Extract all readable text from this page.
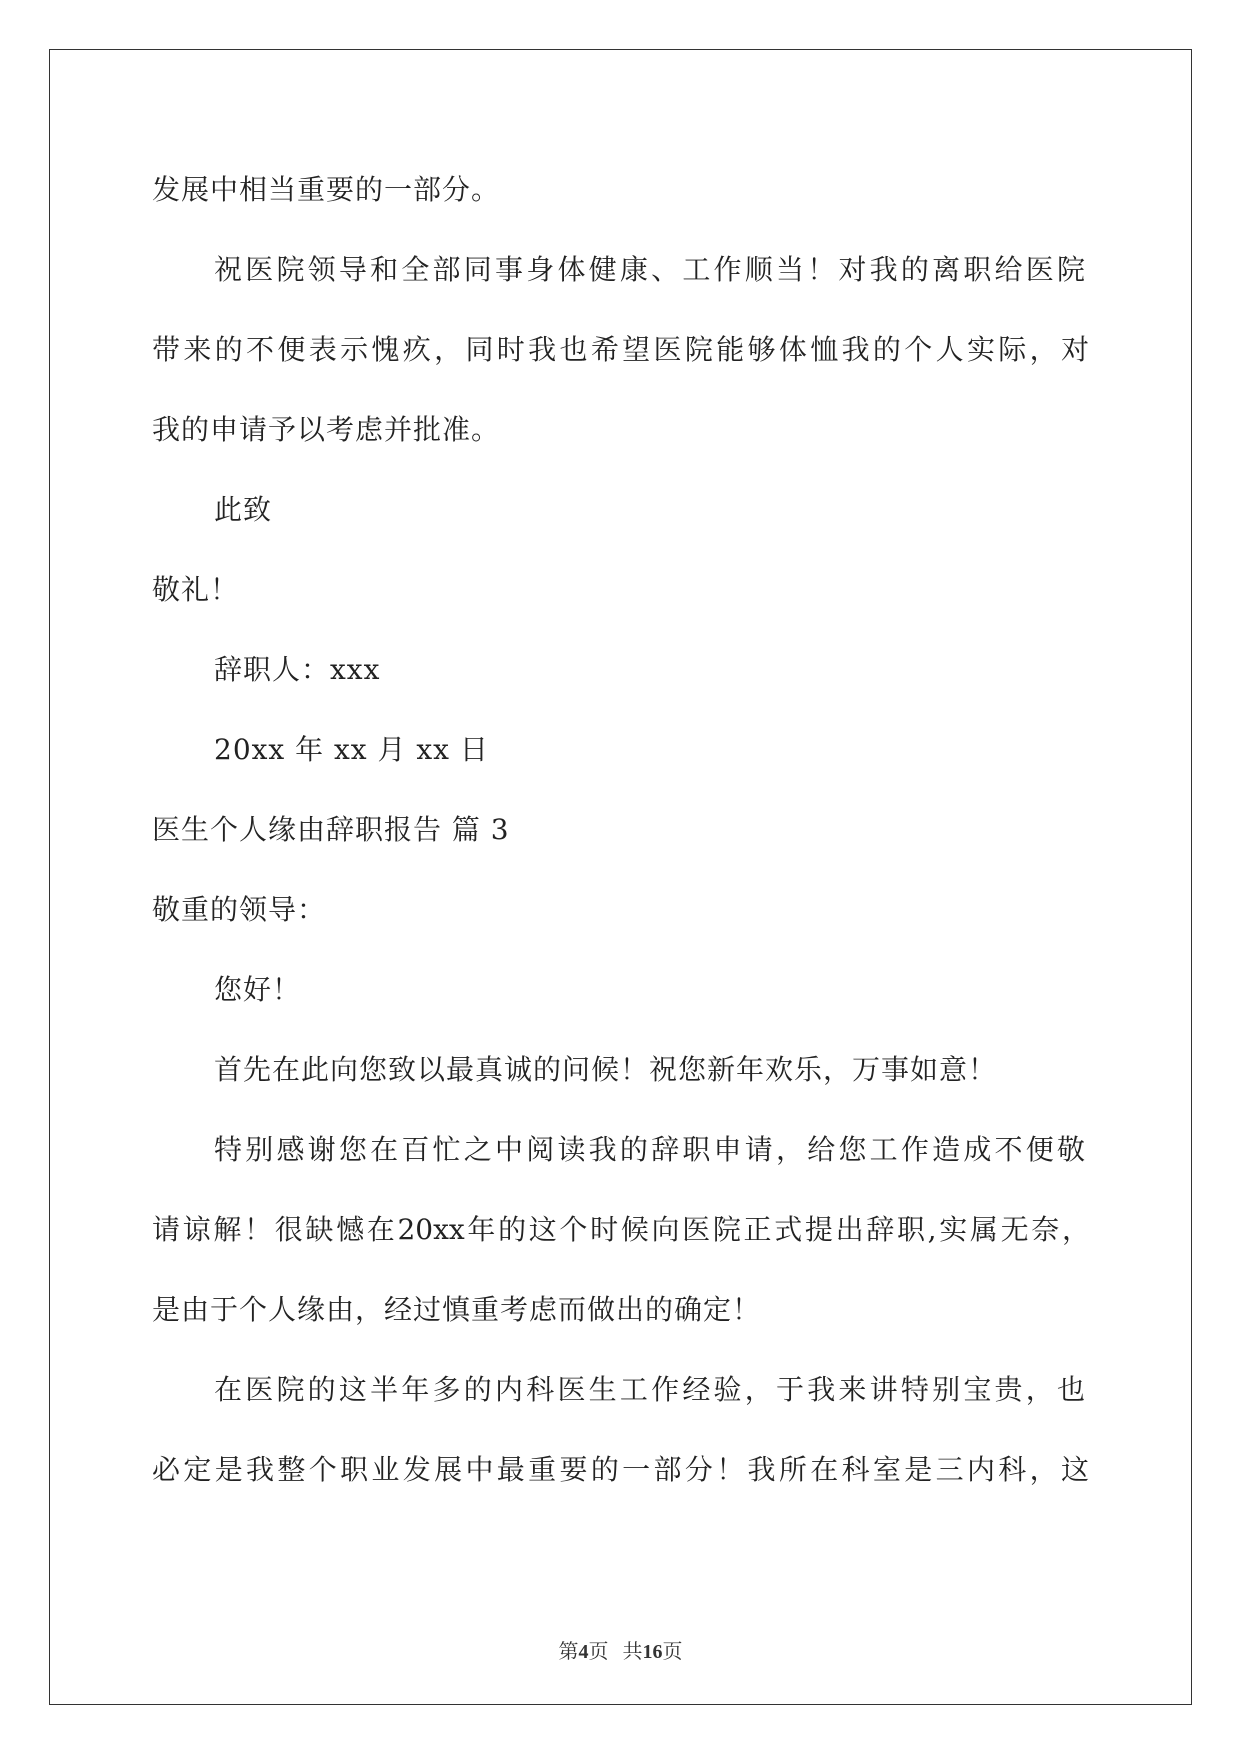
发展中相当重要的一部分。
祝医院领导和全部同事身体健康、工作顺当！对我的离职给医院
带来的不便表示愧疚，同时我也希望医院能够体恤我的个人实际，对
我的申请予以考虑并批准。
此致
敬礼！
辞职人：xxx
20xx 年 xx 月 xx 日
医生个人缘由辞职报告 篇 3
敬重的领导：
您好！
首先在此向您致以最真诚的问候！祝您新年欢乐，万事如意！
特别感谢您在百忙之中阅读我的辞职申请，给您工作造成不便敬
请谅解！很缺憾在20xx年的这个时候向医院正式提出辞职,实属无奈，
是由于个人缘由，经过慎重考虑而做出的确定！
在医院的这半年多的内科医生工作经验，于我来讲特别宝贵，也
必定是我整个职业发展中最重要的一部分！我所在科室是三内科，这
第4页 共16页
